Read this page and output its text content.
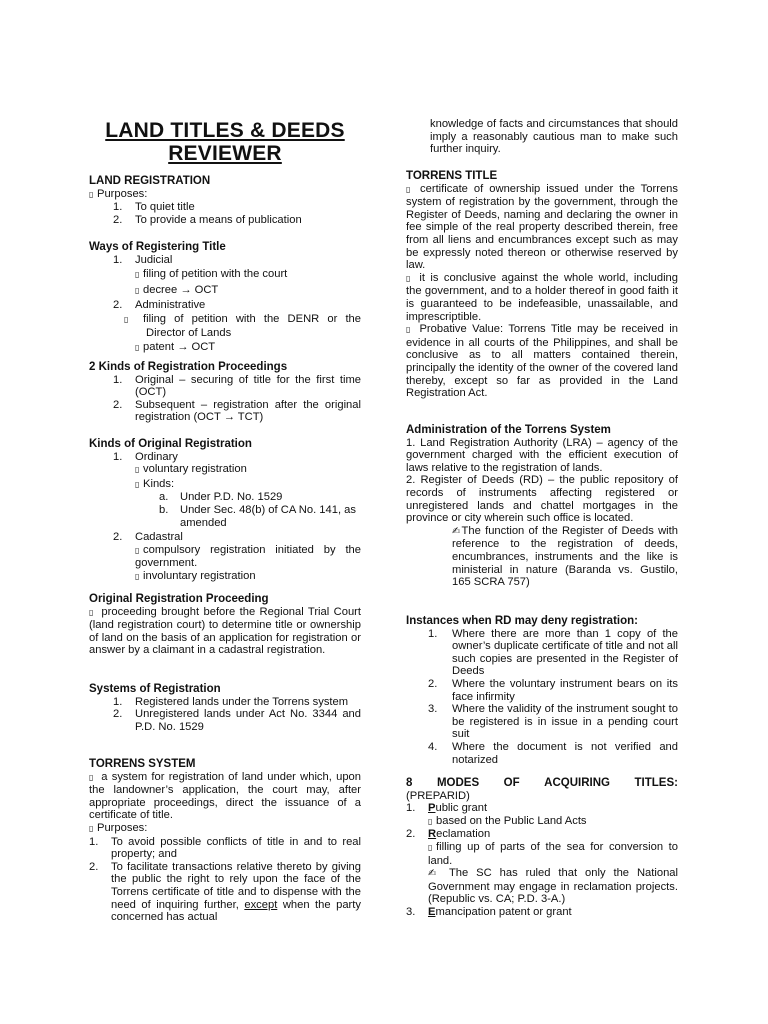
LAND TITLES & DEEDS
REVIEWER
LAND REGISTRATION

▯ Purposes:

1. To quiet title
2. To provide a means of publication
Ways of Registering Title
1. Judicial

▯ filing of petition with the court

▯ decree → OCT

2. Administrative

▯ filing of petition with the DENR or the Director of Lands

▯ patent → OCT

2 Kinds of Registration Proceedings
1. Original – securing of title for the first time (OCT)
2. Subsequent – registration after the original registration (OCT → TCT)
Kinds of Original Registration
1. Ordinary

▯ voluntary registration

▯ Kinds:

a. Under P.D. No. 1529

b. Under Sec. 48(b) of CA No. 141, as amended

2. Cadastral

▯ compulsory registration initiated by the government.

▯ involuntary registration

Original Registration Proceeding

▯ proceeding brought before the Regional Trial Court (land registration court) to determine title or ownership of land on the basis of an application for registration or answer by a claimant in a cadastral registration.

Systems of Registration
1. Registered lands under the Torrens system
2. Unregistered lands under Act No. 3344 and P.D. No. 1529
TORRENS SYSTEM

▯ a system for registration of land under which, upon the landowner’s application, the court may, after appropriate proceedings, direct the issuance of a certificate of title.

▯ Purposes:

1. To avoid possible conflicts of title in and to real property; and
2. To facilitate transactions relative thereto by giving the public the right to rely upon the face of the Torrens certificate of title and to dispense with the need of inquiring further, except when the party concerned has actual

knowledge of facts and circumstances that should imply a reasonably cautious man to make such further inquiry.

TORRENS TITLE

▯ certificate of ownership issued under the Torrens system of registration by the government, through the Register of Deeds, naming and declaring the owner in fee simple of the real property described therein, free from all liens and encumbrances except such as may be expressly noted thereon or otherwise reserved by law.

▯ it is conclusive against the whole world, including the government, and to a holder thereof in good faith it is guaranteed to be indefeasible, unassailable, and imprescriptible.

▯ Probative Value: Torrens Title may be received in evidence in all courts of the Philippines, and shall be conclusive as to all matters contained therein, principally the identity of the owner of the covered land thereby, except so far as provided in the Land Registration Act.

Administration of the Torrens System

1. Land Registration Authority (LRA) – agency of the government charged with the efficient execution of laws relative to the registration of lands.

2. Register of Deeds (RD) – the public repository of records of instruments affecting registered or unregistered lands and chattel mortgages in the province or city wherein such office is located.

✍The function of the Register of Deeds with reference to the registration of deeds, encumbrances, instruments and the like is ministerial in nature (Baranda vs. Gustilo, 165 SCRA 757)

Instances when RD may deny registration:
1. Where there are more than 1 copy of the owner’s duplicate certificate of title and not all such copies are presented in the Register of Deeds
2. Where the voluntary instrument bears on its face infirmity
3. Where the validity of the instrument sought to be registered is in issue in a pending court suit
4. Where the document is not verified and notarized
8 MODES OF ACQUIRING TITLES:

(PREPARID)

1. Public grant

▯ based on the Public Land Acts

2. Reclamation

▯ filling up of parts of the sea for conversion to land.

✍ The SC has ruled that only the National Government may engage in reclamation projects. (Republic vs. CA; P.D. 3-A.)

3. Emancipation patent or grant
